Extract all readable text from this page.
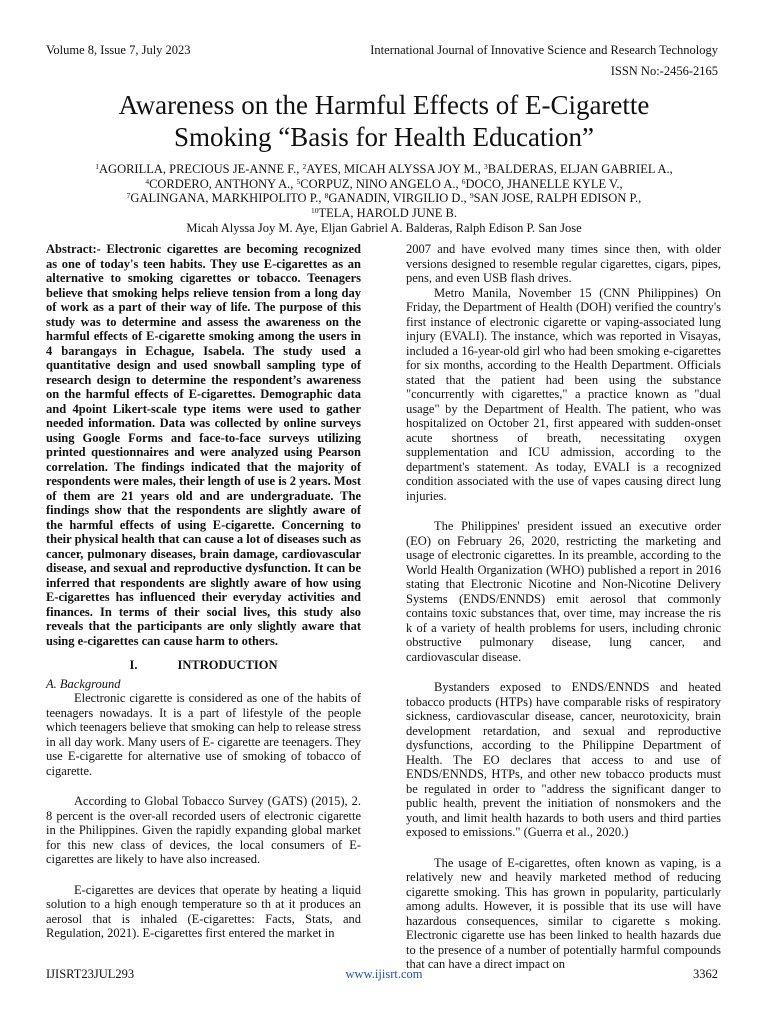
Volume 8, Issue 7, July 2023	International Journal of Innovative Science and Research Technology
ISSN No:-2456-2165
Awareness on the Harmful Effects of E-Cigarette
Smoking “Basis for Health Education”
$^1$AGORILLA, PRECIOUS JE-ANNE F., $^2$AYES, MICAH ALYSSA JOY M., $^3$BALDERAS, ELJAN GABRIEL A.,
$^4$CORDERO, ANTHONY A., $^5$CORPUZ, NINO ANGELO A., $^6$DOCO, JHANELLE KYLE V.,
$^7$GALINGANA, MARKHIPOLITO P., $^8$GANADIN, VIRGILIO D., $^9$SAN JOSE, RALPH EDISON P.,
$^{10}$TELA, HAROLD JUNE B.
Micah Alyssa Joy M. Aye, Eljan Gabriel A. Balderas, Ralph Edison P. San Jose

Abstract:- Electronic cigarettes are becoming recognized as one of today's teen habits. They use E-cigarettes as an alternative to smoking cigarettes or tobacco. Teenagers believe that smoking helps relieve tension from a long day of work as a part of their way of life. The purpose of this study was to determine and assess the awareness on the harmful effects of E-cigarette smoking among the users in 4 barangays in Echague, Isabela. The study used a quantitative design and used snowball sampling type of research design to determine the respondent’s awareness on the harmful effects of E-cigarettes. Demographic data and 4point Likert-scale type items were used to gather needed information. Data was collected by online surveys using Google Forms and face-to-face surveys utilizing printed questionnaires and were analyzed using Pearson correlation. The findings indicated that the majority of respondents were males, their length of use is 2 years. Most of them are 21 years old and are undergraduate. The findings show that the respondents are slightly aware of the harmful effects of using E-cigarette. Concerning to their physical health that can cause a lot of diseases such as cancer, pulmonary diseases, brain damage, cardiovascular disease, and sexual and reproductive dysfunction. It can be inferred that respondents are slightly aware of how using E-cigarettes has influenced their everyday activities and finances. In terms of their social lives, this study also reveals that the participants are only slightly aware that using e-cigarettes can cause harm to others.

I.	INTRODUCTION

A. Background

Electronic cigarette is considered as one of the habits of teenagers nowadays. It is a part of lifestyle of the people which teenagers believe that smoking can help to release stress in all day work. Many users of E- cigarette are teenagers. They use E-cigarette for alternative use of smoking of tobacco of cigarette.

According to Global Tobacco Survey (GATS) (2015), 2. 8 percent is the over-all recorded users of electronic cigarette in the Philippines. Given the rapidly expanding global market for this new class of devices, the local consumers of E-cigarettes are likely to have also increased.

E-cigarettes are devices that operate by heating a liquid solution to a high enough temperature so th at it produces an aerosol that is inhaled (E-cigarettes: Facts, Stats, and Regulation, 2021). E-cigarettes first entered the market in

2007 and have evolved many times since then, with older versions designed to resemble regular cigarettes, cigars, pipes, pens, and even USB flash drives.

Metro Manila, November 15 (CNN Philippines) On Friday, the Department of Health (DOH) verified the country's first instance of electronic cigarette or vaping-associated lung injury (EVALI). The instance, which was reported in Visayas, included a 16-year-old girl who had been smoking e-cigarettes for six months, according to the Health Department. Officials stated that the patient had been using the substance "concurrently with cigarettes," a practice known as "dual usage" by the Department of Health. The patient, who was hospitalized on October 21, first appeared with sudden-onset acute shortness of breath, necessitating oxygen supplementation and ICU admission, according to the department's statement. As today, EVALI is a recognized condition associated with the use of vapes causing direct lung injuries.

The Philippines' president issued an executive order (EO) on February 26, 2020, restricting the marketing and usage of electronic cigarettes. In its preamble, according to the World Health Organization (WHO) published a report in 2016 stating that Electronic Nicotine and Non-Nicotine Delivery Systems (ENDS/ENNDS) emit aerosol that commonly contains toxic substances that, over time, may increase the ris k of a variety of health problems for users, including chronic obstructive pulmonary disease, lung cancer, and cardiovascular disease.

Bystanders exposed to ENDS/ENNDS and heated tobacco products (HTPs) have comparable risks of respiratory sickness, cardiovascular disease, cancer, neurotoxicity, brain development retardation, and sexual and reproductive dysfunctions, according to the Philippine Department of Health. The EO declares that access to and use of ENDS/ENNDS, HTPs, and other new tobacco products must be regulated in order to "address the significant danger to public health, prevent the initiation of nonsmokers and the youth, and limit health hazards to both users and third parties exposed to emissions." (Guerra et al., 2020.)

The usage of E-cigarettes, often known as vaping, is a relatively new and heavily marketed method of reducing cigarette smoking. This has grown in popularity, particularly among adults. However, it is possible that its use will have hazardous consequences, similar to cigarette s moking. Electronic cigarette use has been linked to health hazards due to the presence of a number of potentially harmful compounds that can have a direct impact on

IJISRT23JUL293	www.ijisrt.com	3362
